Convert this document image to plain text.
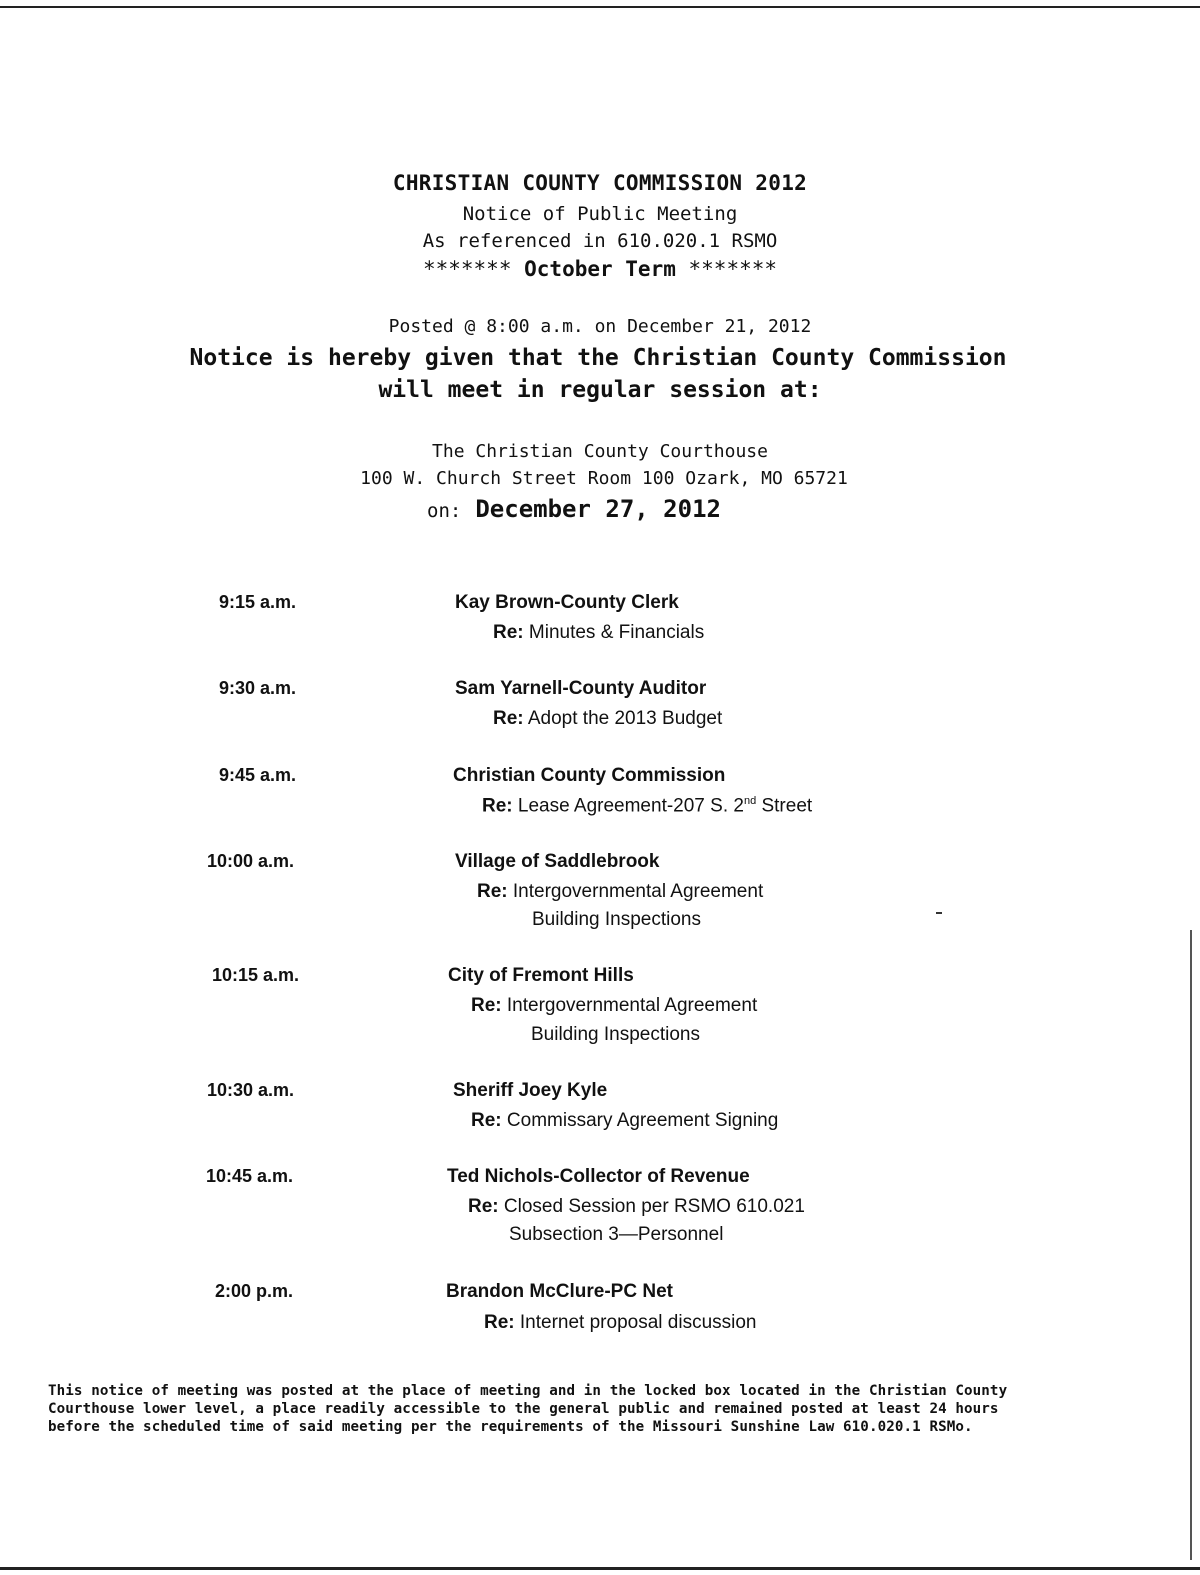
CHRISTIAN COUNTY COMMISSION 2012
Notice of Public Meeting
As referenced in 610.020.1 RSMO
******* October Term *******
Posted @ 8:00 a.m. on December 21, 2012
Notice is hereby given that the Christian County Commission
will meet in regular session at:
The Christian County Courthouse
100 W. Church Street Room 100 Ozark, MO 65721
on: December 27, 2012
9:15 a.m.	Kay Brown-County Clerk
Re: Minutes & Financials
9:30 a.m.	Sam Yarnell-County Auditor
Re: Adopt the 2013 Budget
9:45 a.m.	Christian County Commission
Re: Lease Agreement-207 S. 2nd Street
10:00 a.m.	Village of Saddlebrook
Re: Intergovernmental Agreement
Building Inspections
10:15 a.m.	City of Fremont Hills
Re: Intergovernmental Agreement
Building Inspections
10:30 a.m.	Sheriff Joey Kyle
Re: Commissary Agreement Signing
10:45 a.m.	Ted Nichols-Collector of Revenue
Re: Closed Session per RSMO 610.021
Subsection 3—Personnel
2:00 p.m.	Brandon McClure-PC Net
Re: Internet proposal discussion
This notice of meeting was posted at the place of meeting and in the locked box located in the Christian County
Courthouse lower level, a place readily accessible to the general public and remained posted at least 24 hours
before the scheduled time of said meeting per the requirements of the Missouri Sunshine Law 610.020.1 RSMo.
